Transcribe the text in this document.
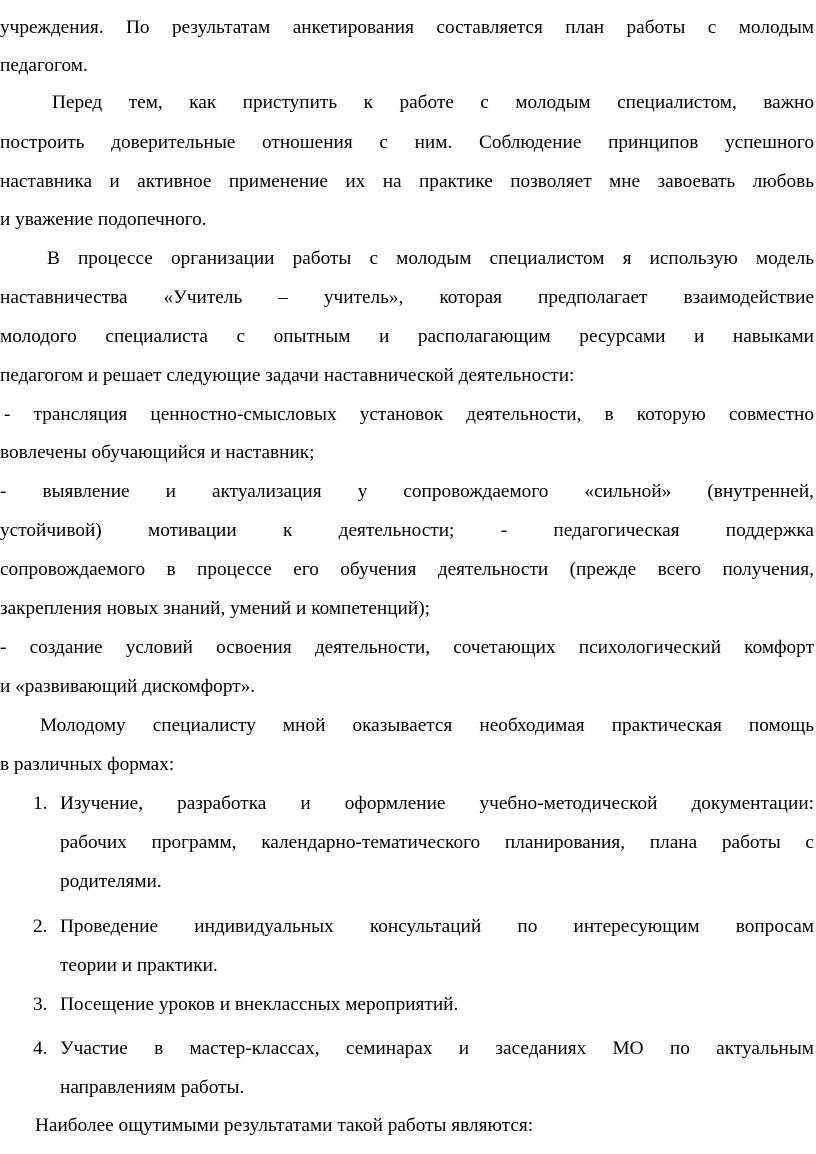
учреждения. По результатам анкетирования составляется план работы с молодым
педагогом.
Перед тем, как приступить к работе с молодым специалистом, важно
построить доверительные отношения с ним. Соблюдение принципов успешного
наставника и активное применение их на практике позволяет мне завоевать любовь
и уважение подопечного.
В процессе организации работы с молодым специалистом я использую модель
наставничества «Учитель – учитель», которая предполагает взаимодействие
молодого специалиста с опытным и располагающим ресурсами и навыками
педагогом и решает следующие задачи наставнической деятельности:
- трансляция ценностно-смысловых установок деятельности, в которую совместно
вовлечены обучающийся и наставник;
- выявление и актуализация у сопровождаемого «сильной» (внутренней,
устойчивой) мотивации к деятельности; - педагогическая поддержка
сопровождаемого в процессе его обучения деятельности (прежде всего получения,
закрепления новых знаний, умений и компетенций);
- создание условий освоения деятельности, сочетающих психологический комфорт
и «развивающий дискомфорт».
Молодому специалисту мной оказывается необходимая практическая помощь
в различных формах:
1. Изучение, разработка и оформление учебно-методической документации:
рабочих программ, календарно-тематического планирования, плана работы с
родителями.
2. Проведение индивидуальных консультаций по интересующим вопросам
теории и практики.
3. Посещение уроков и внеклассных мероприятий.
4. Участие в мастер-классах, семинарах и заседаниях МО по актуальным
направлениям работы.
Наиболее ощутимыми результатами такой работы являются:
